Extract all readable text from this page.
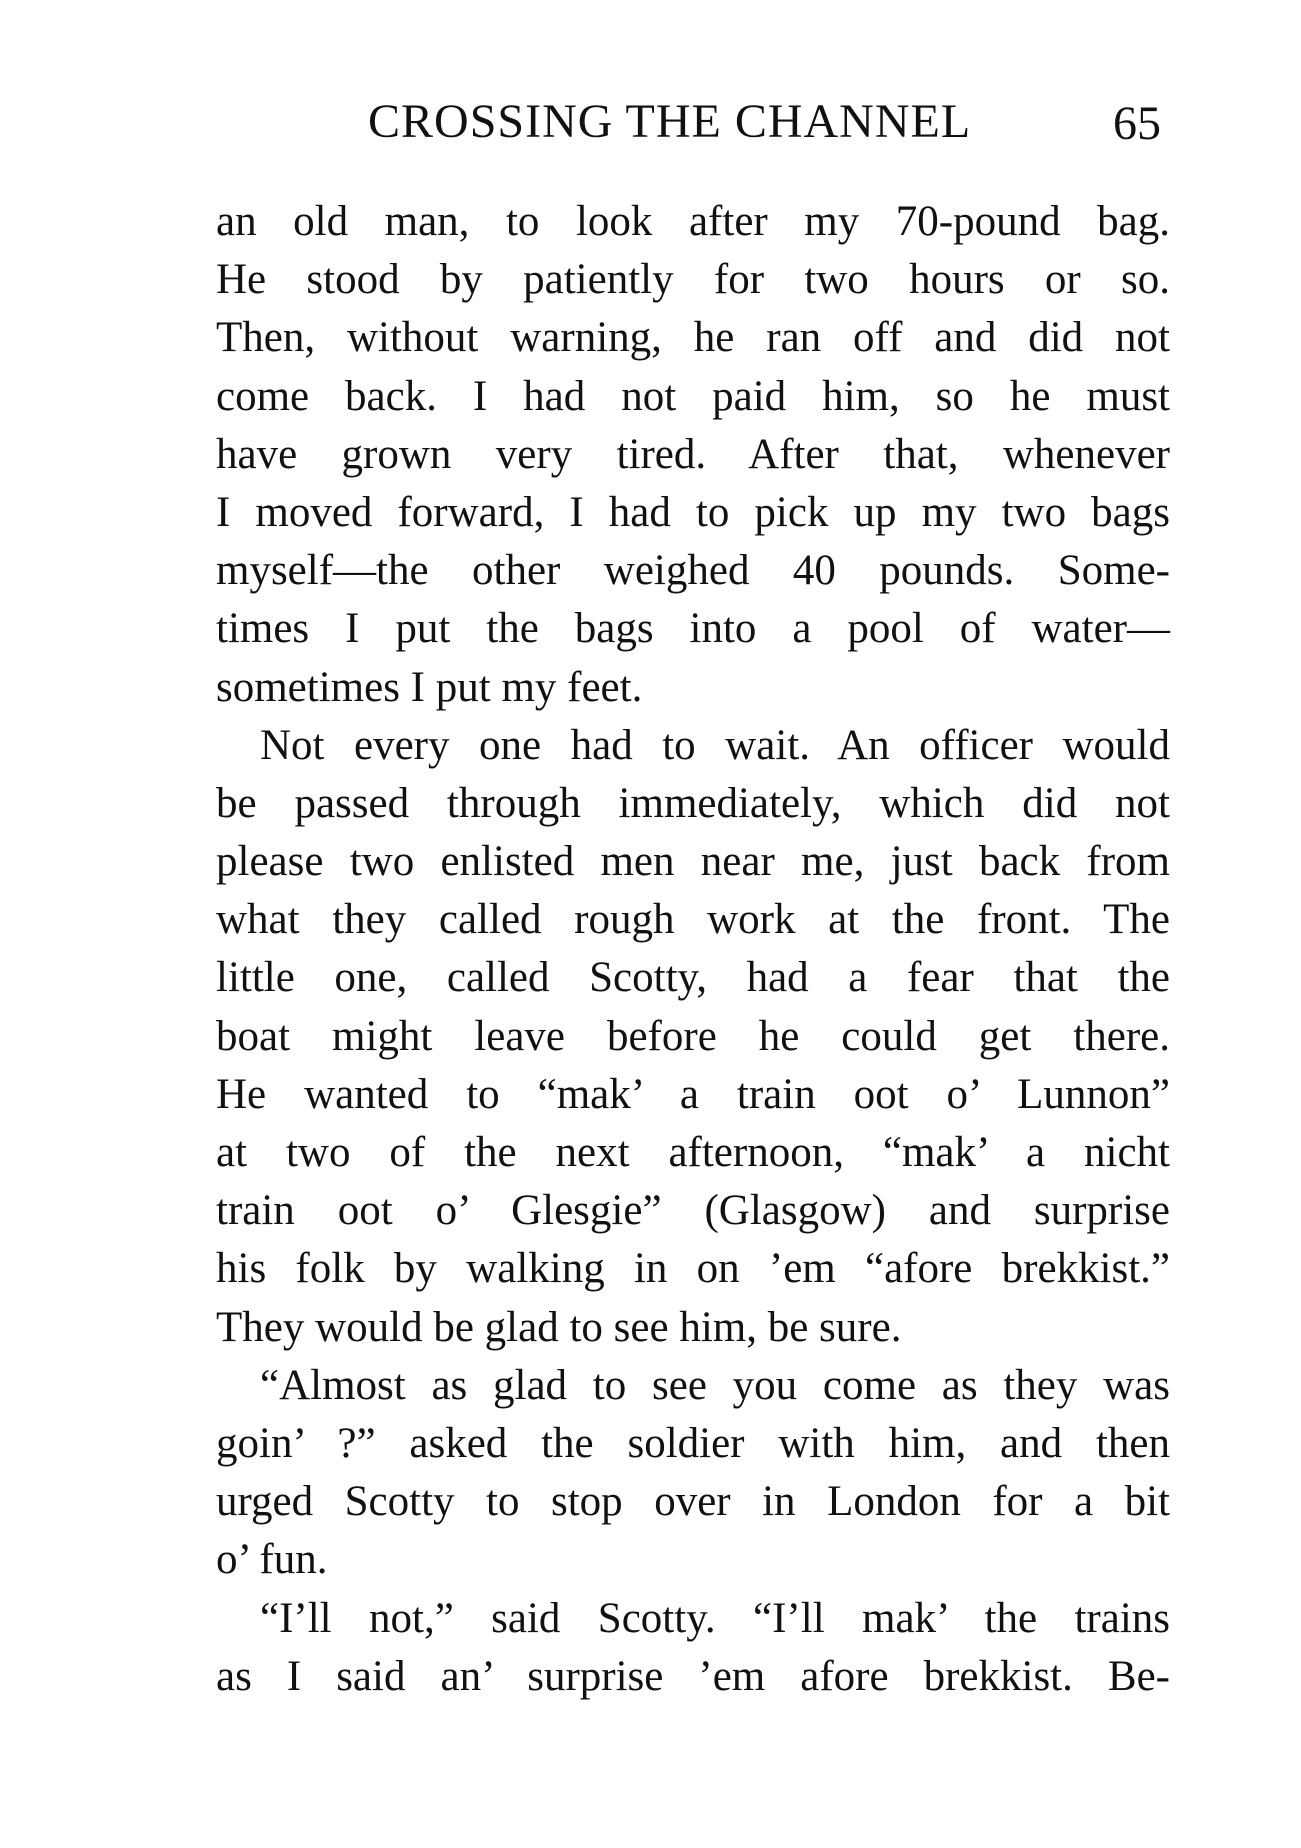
CROSSING THE CHANNEL	65
an old man, to look after my 70-pound bag.
He stood by patiently for two hours or so.
Then, without warning, he ran off and did not
come back. I had not paid him, so he must
have grown very tired. After that, whenever
I moved forward, I had to pick up my two bags
myself—the other weighed 40 pounds. Some-
times I put the bags into a pool of water—
sometimes I put my feet.
Not every one had to wait. An officer would
be passed through immediately, which did not
please two enlisted men near me, just back from
what they called rough work at the front. The
little one, called Scotty, had a fear that the
boat might leave before he could get there.
He wanted to “mak’ a train oot o’ Lunnon”
at two of the next afternoon, “mak’ a nicht
train oot o’ Glesgie” (Glasgow) and surprise
his folk by walking in on ’em “afore brekkist.”
They would be glad to see him, be sure.
“Almost as glad to see you come as they was
goin’ ?” asked the soldier with him, and then
urged Scotty to stop over in London for a bit
o’ fun.
“I’ll not,” said Scotty. “I’ll mak’ the trains
as I said an’ surprise ’em afore brekkist. Be-
